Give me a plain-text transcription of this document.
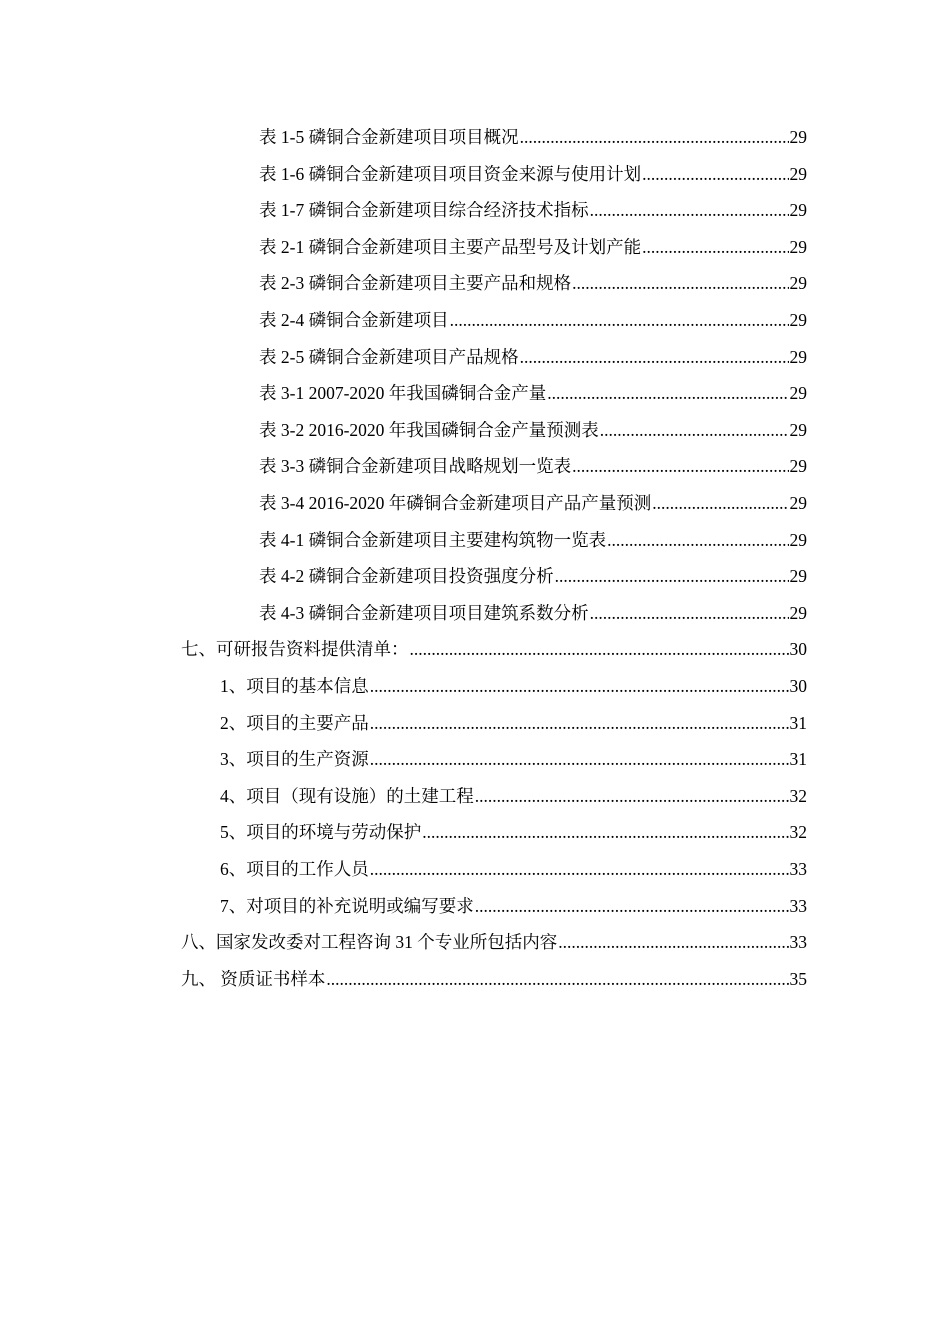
表 1-5 磷铜合金新建项目项目概况 .....	29
表 1-6 磷铜合金新建项目项目资金来源与使用计划 .....	29
表 1-7 磷铜合金新建项目综合经济技术指标 .....	29
表 2-1 磷铜合金新建项目主要产品型号及计划产能 .....	29
表 2-3 磷铜合金新建项目主要产品和规格 .....	29
表 2-4 磷铜合金新建项目 .....	29
表 2-5 磷铜合金新建项目产品规格 .....	29
表 3-1 2007-2020 年我国磷铜合金产量 .....	29
表 3-2 2016-2020 年我国磷铜合金产量预测表 .....	29
表 3-3 磷铜合金新建项目战略规划一览表 .....	29
表 3-4 2016-2020 年磷铜合金新建项目产品产量预测 .....	29
表 4-1 磷铜合金新建项目主要建构筑物一览表 .....	29
表 4-2 磷铜合金新建项目投资强度分析 .....	29
表 4-3 磷铜合金新建项目项目建筑系数分析 .....	29
七、可研报告资料提供清单： .....	30
1、项目的基本信息 .....	30
2、项目的主要产品 .....	31
3、项目的生产资源 .....	31
4、项目（现有设施）的土建工程 .....	32
5、项目的环境与劳动保护 .....	32
6、项目的工作人员 .....	33
7、对项目的补充说明或编写要求 .....	33
八、国家发改委对工程咨询 31 个专业所包括内容 .....	33
九、 资质证书样本 .....	35
